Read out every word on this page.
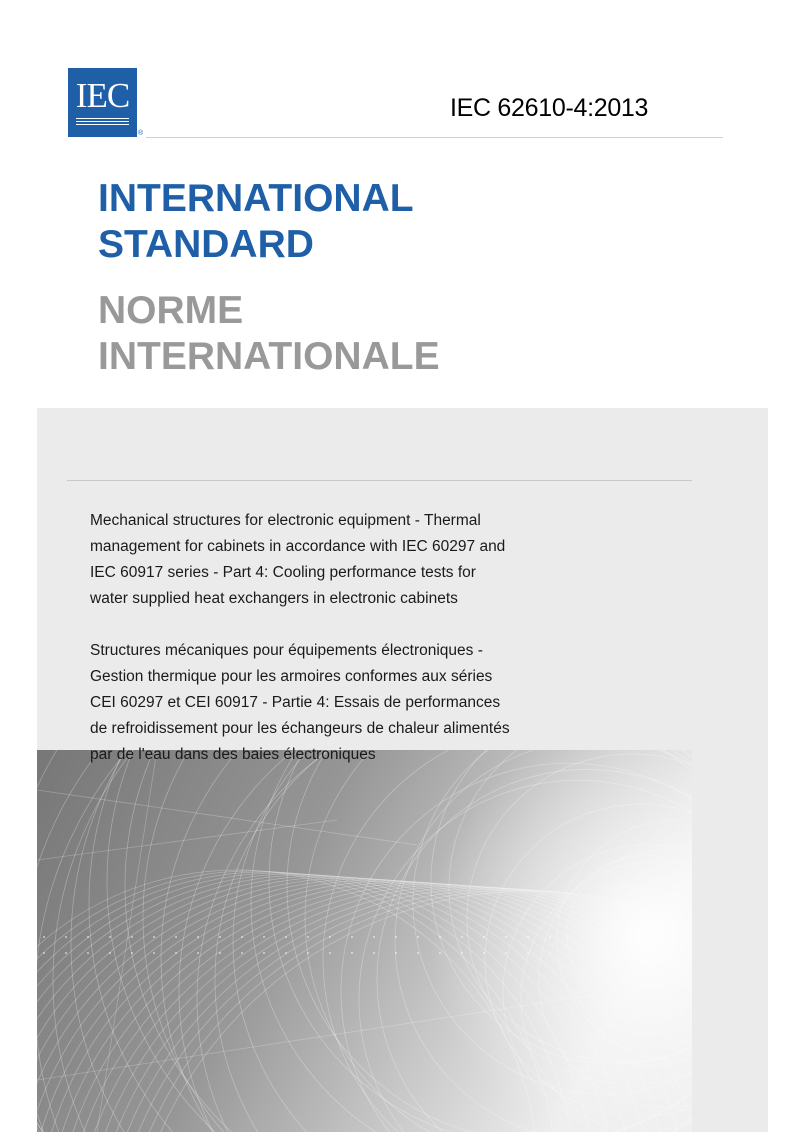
IEC
®
IEC 62610-4:2013
INTERNATIONAL
STANDARD
NORME
INTERNATIONALE

Mechanical structures for electronic equipment - Thermal
management for cabinets in accordance with IEC 60297 and
IEC 60917 series - Part 4: Cooling performance tests for
water supplied heat exchangers in electronic cabinets

Structures mécaniques pour équipements électroniques -
Gestion thermique pour les armoires conformes aux séries
CEI 60297 et CEI 60917 - Partie 4: Essais de performances
de refroidissement pour les échangeurs de chaleur alimentés
par de l'eau dans des baies électroniques
